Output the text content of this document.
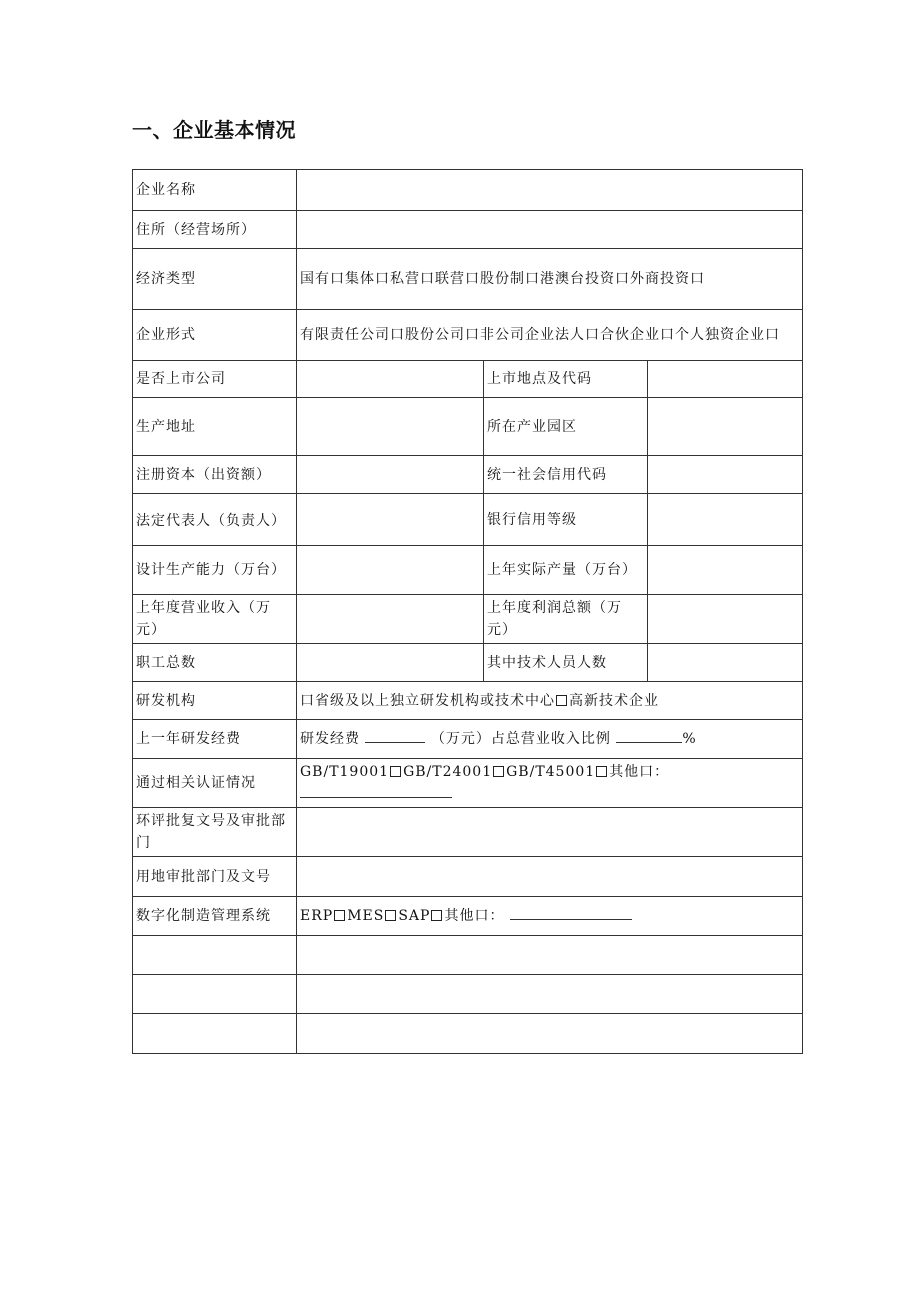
一、企业基本情况
企业名称			
住所（经营场所）			
经济类型	国有口集体口私营口联营口股份制口港澳台投资口外商投资口		
企业形式	有限责任公司口股份公司口非公司企业法人口合伙企业口个人独资企业口		
是否上市公司		上市地点及代码	
生产地址		所在产业园区	
注册资本（出资额）		统一社会信用代码	
法定代表人（负责人）		银行信用等级	
设计生产能力（万台）		上年实际产量（万台）	
上年度营业收入（万元）		上年度利润总额（万元）	
职工总数		其中技术人员人数	
研发机构	口省级及以上独立研发机构或技术中心 高新技术企业		
上一年研发经费	研发经费 （万元）占总营业收入比例 %		
通过相关认证情况	GB/T19001 GB/T24001 GB/T45001 其他口：		
环评批复文号及审批部门			
用地审批部门及文号			
数字化制造管理系统	ERP MES SAP 其他口：		
